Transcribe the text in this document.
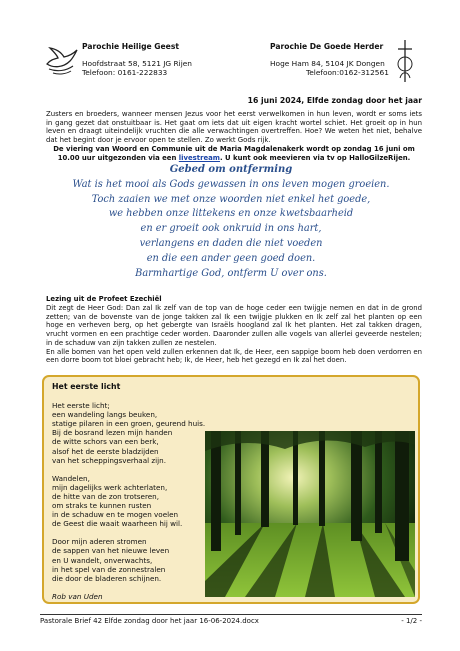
Parochie Heilige Geest
Hoofdstraat 58, 5121 JG Rijen
Telefoon: 0161-222833
Parochie De Goede Herder
Hoge Ham 84, 5104 JK Dongen
Telefoon:0162-312561
16 juni 2024, Elfde zondag door het jaar
Zusters en broeders, wanneer mensen Jezus voor het eerst verwelkomen in hun leven, wordt er soms iets in gang gezet dat onstuitbaar is. Het gaat om iets dat uit eigen kracht wortel schiet. Het groeit op in hun leven en draagt uiteindelijk vruchten die alle verwachtingen overtreffen. Hoe? We weten het niet, behalve dat het begint door je ervoor open te stellen. Zo werkt Gods rijk.
De viering van Woord en Communie uit de Maria Magdalenakerk wordt op zondag 16 juni om 10.00 uur uitgezonden via een livestream. U kunt ook meevieren via tv op HalloGilzeRijen.
Gebed om ontferming
Wat is het mooi als Gods gewassen in ons leven mogen groeien.
Toch zaaien we met onze woorden niet enkel het goede,
we hebben onze littekens en onze kwetsbaarheid
en er groeit ook onkruid in ons hart,
verlangens en daden die niet voeden
en die een ander geen goed doen.
Barmhartige God, ontferm U over ons.
Lezing uit de Profeet Ezechiël
Dit zegt de Heer God: Dan zal Ik zelf van de top van de hoge ceder een twijgje nemen en dat in de grond zetten; van de bovenste van de jonge takken zal Ik een twijgje plukken en Ik zelf zal het planten op een hoge en verheven berg, op het gebergte van Israëls hoogland zal Ik het planten. Het zal takken dragen, vrucht vormen en een prachtige ceder worden. Daaronder zullen alle vogels van allerlei geveerde nestelen; in de schaduw van zijn takken zullen ze nestelen.
En alle bomen van het open veld zullen erkennen dat Ik, de Heer, een sappige boom heb doen verdorren en een dorre boom tot bloei gebracht heb; Ik, de Heer, heb het gezegd en Ik zal het doen.
Het eerste licht
Het eerste licht;
een wandeling langs beuken,
statige pilaren in een groen, geurend huis.
Bij de bosrand lezen mijn handen
de witte schors van een berk,
alsof het de eerste bladzijden
van het scheppingsverhaal zijn.
Wandelen,
mijn dagelijks werk achterlaten,
de hitte van de zon trotseren,
om straks te kunnen rusten
in de schaduw en te mogen voelen
de Geest die waait waarheen hij wil.
Door mijn aderen stromen
de sappen van het nieuwe leven
en U wandelt, onverwachts,
in het spel van de zonnestralen
die door de bladeren schijnen.
Rob van Uden
Pastorale Brief 42 Elfde zondag door het jaar 16-06-2024.docx	- 1/2 -
